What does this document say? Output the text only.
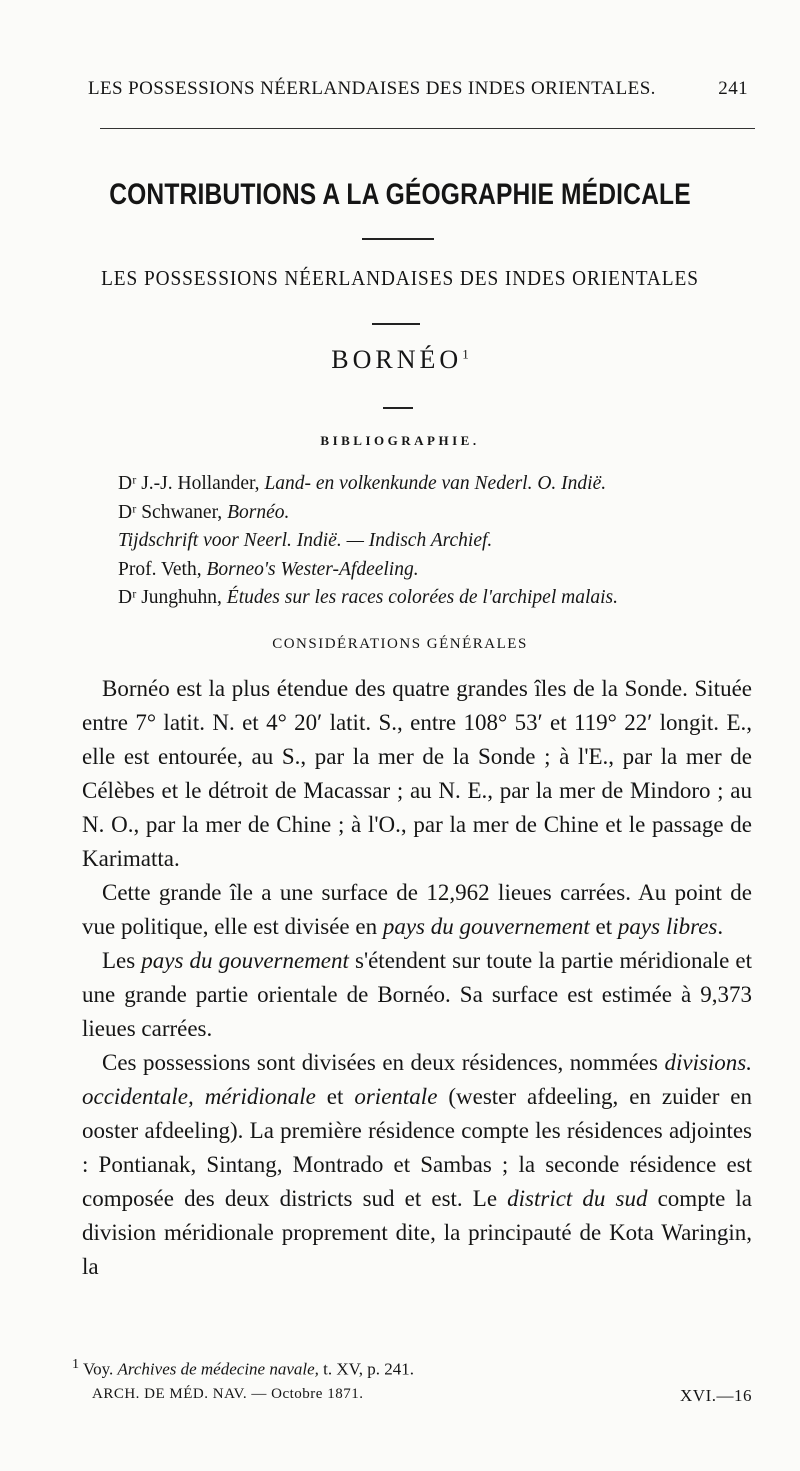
LES POSSESSIONS NÉERLANDAISES DES INDES ORIENTALES.	241
CONTRIBUTIONS A LA GÉOGRAPHIE MÉDICALE
LES POSSESSIONS NÉERLANDAISES DES INDES ORIENTALES
BORNÉO$^1$
BIBLIOGRAPHIE.
Dʳ J.-J. Hollander, Land- en volkenkunde van Nederl. O. Indië.
Dʳ Schwaner, Bornéo.
Tijdschrift voor Neerl. Indië. — Indisch Archief.
Prof. Veth, Borneo's Wester-Afdeeling.
Dʳ Junghuhn, Études sur les races colorées de l'archipel malais.
CONSIDÉRATIONS GÉNÉRALES

Bornéo est la plus étendue des quatre grandes îles de la Sonde. Située entre 7° latit. N. et 4° 20′ latit. S., entre 108° 53′ et 119° 22′ longit. E., elle est entourée, au S., par la mer de la Sonde ; à l'E., par la mer de Célèbes et le détroit de Macassar ; au N. E., par la mer de Mindoro ; au N. O., par la mer de Chine ; à l'O., par la mer de Chine et le passage de Karimatta.

Cette grande île a une surface de 12,962 lieues carrées. Au point de vue politique, elle est divisée en pays du gouvernement et pays libres.

Les pays du gouvernement s'étendent sur toute la partie méridionale et une grande partie orientale de Bornéo. Sa surface est estimée à 9,373 lieues carrées.

Ces possessions sont divisées en deux résidences, nommées divisions. occidentale, méridionale et orientale (wester afdeeling, en zuider en ooster afdeeling). La première résidence compte les résidences adjointes : Pontianak, Sintang, Montrado et Sambas ; la seconde résidence est composée des deux districts sud et est. Le district du sud compte la division méridionale proprement dite, la principauté de Kota Waringin, la

$^1$ Voy. Archives de médecine navale, t. XV, p. 241.
ARCH. DE MÉD. NAV. — Octobre 1871.	XVI.—16
